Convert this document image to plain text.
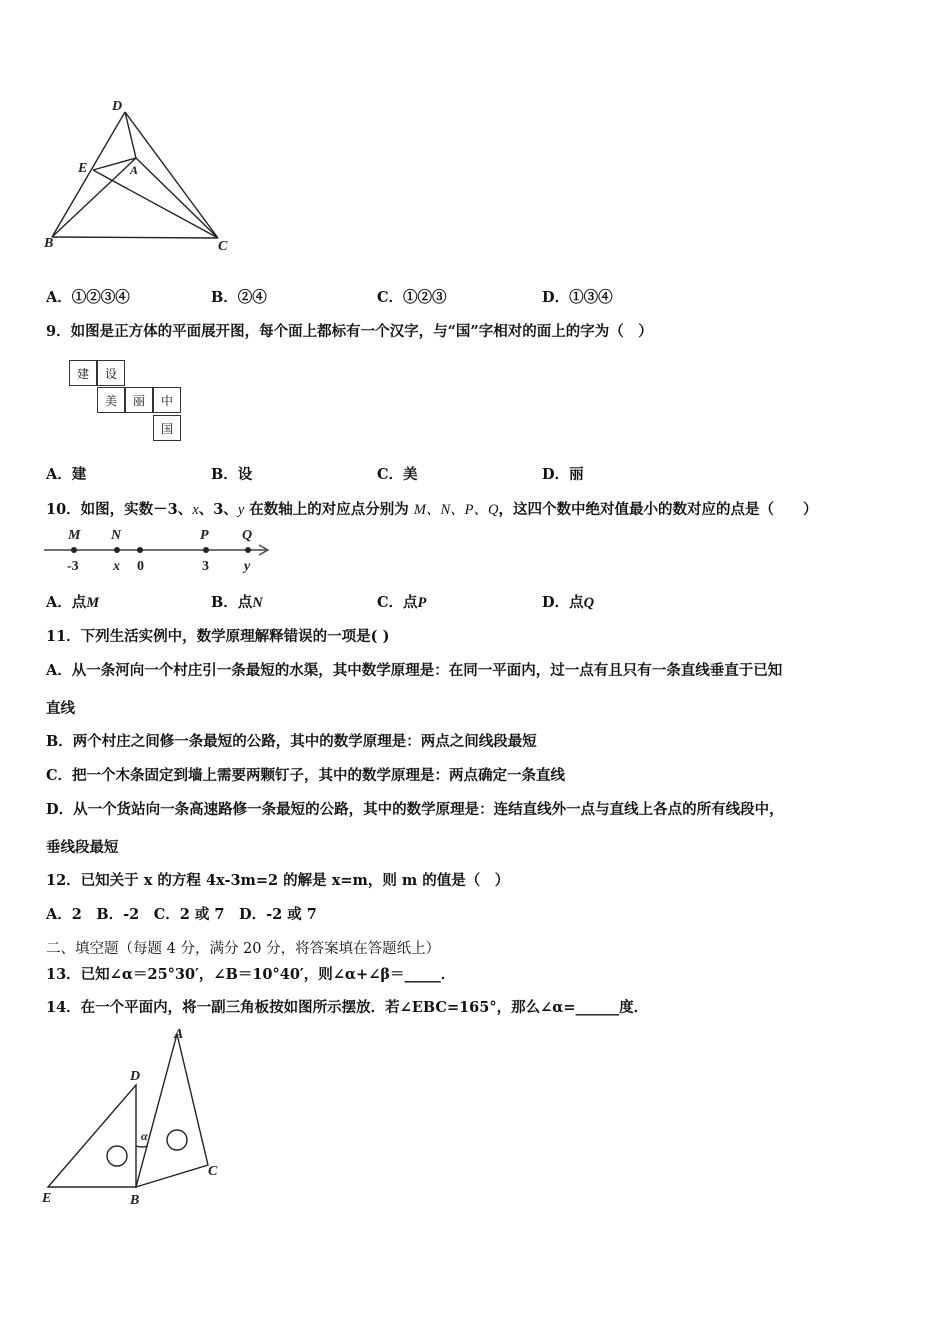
D
E	A
B	C
A．①②③④	B．②④	C．①②③	D．①③④
9．如图是正方体的平面展开图，每个面上都标有一个汉字，与“国”字相对的面上的字为（　）
建	设
美	丽	中
国
A．建	B．设	C．美	D．丽
10．如图，实数－3、x、3、y 在数轴上的对应点分别为 M、N、P、Q，这四个数中绝对值最小的数对应的点是（　　）
M N	P Q
-3 x 0	3	y
A．点M	B．点N	C．点P	D．点Q
11．下列生活实例中，数学原理解释错误的一项是( )
A．从一条河向一个村庄引一条最短的水渠，其中数学原理是：在同一平面内，过一点有且只有一条直线垂直于已知
直线
B．两个村庄之间修一条最短的公路，其中的数学原理是：两点之间线段最短
C．把一个木条固定到墙上需要两颗钉子，其中的数学原理是：两点确定一条直线
D．从一个货站向一条高速路修一条最短的公路，其中的数学原理是：连结直线外一点与直线上各点的所有线段中，
垂线段最短
12．已知关于 x 的方程 4x-3m=2 的解是 x=m，则 m 的值是（　）
A．2　B．-2　C．2 或 7　D．-2 或 7
二、填空题（每题 4 分，满分 20 分，将答案填在答题纸上）
13．已知∠α＝25°30′，∠B＝10°40′，则∠α+∠β＝_____．
14．在一个平面内，将一副三角板按如图所示摆放．若∠EBC=165°，那么∠α=______度．
A
D
α
C
E	B
